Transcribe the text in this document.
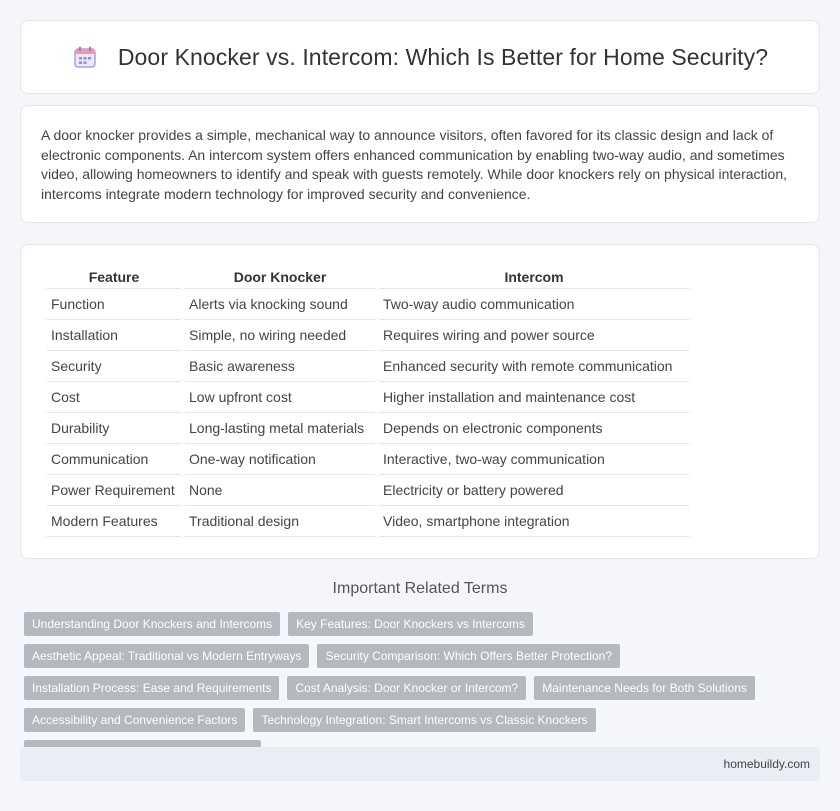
Door Knocker vs. Intercom: Which Is Better for Home Security?

A door knocker provides a simple, mechanical way to announce visitors, often favored for its classic design and lack of electronic components. An intercom system offers enhanced communication by enabling two-way audio, and sometimes video, allowing homeowners to identify and speak with guests remotely. While door knockers rely on physical interaction, intercoms integrate modern technology for improved security and convenience.

Feature	Door Knocker	Intercom
Function	Alerts via knocking sound	Two-way audio communication
Installation	Simple, no wiring needed	Requires wiring and power source
Security	Basic awareness	Enhanced security with remote communication
Cost	Low upfront cost	Higher installation and maintenance cost
Durability	Long-lasting metal materials	Depends on electronic components
Communication	One-way notification	Interactive, two-way communication
Power Requirement	None	Electricity or battery powered
Modern Features	Traditional design	Video, smartphone integration
Important Related Terms
Understanding Door Knockers and Intercoms	Key Features: Door Knockers vs Intercoms
Aesthetic Appeal: Traditional vs Modern Entryways	Security Comparison: Which Offers Better Protection?
Installation Process: Ease and Requirements	Cost Analysis: Door Knocker or Intercom?	Maintenance Needs for Both Solutions
Accessibility and Convenience Factors	Technology Integration: Smart Intercoms vs Classic Knockers
homebuildy.com
